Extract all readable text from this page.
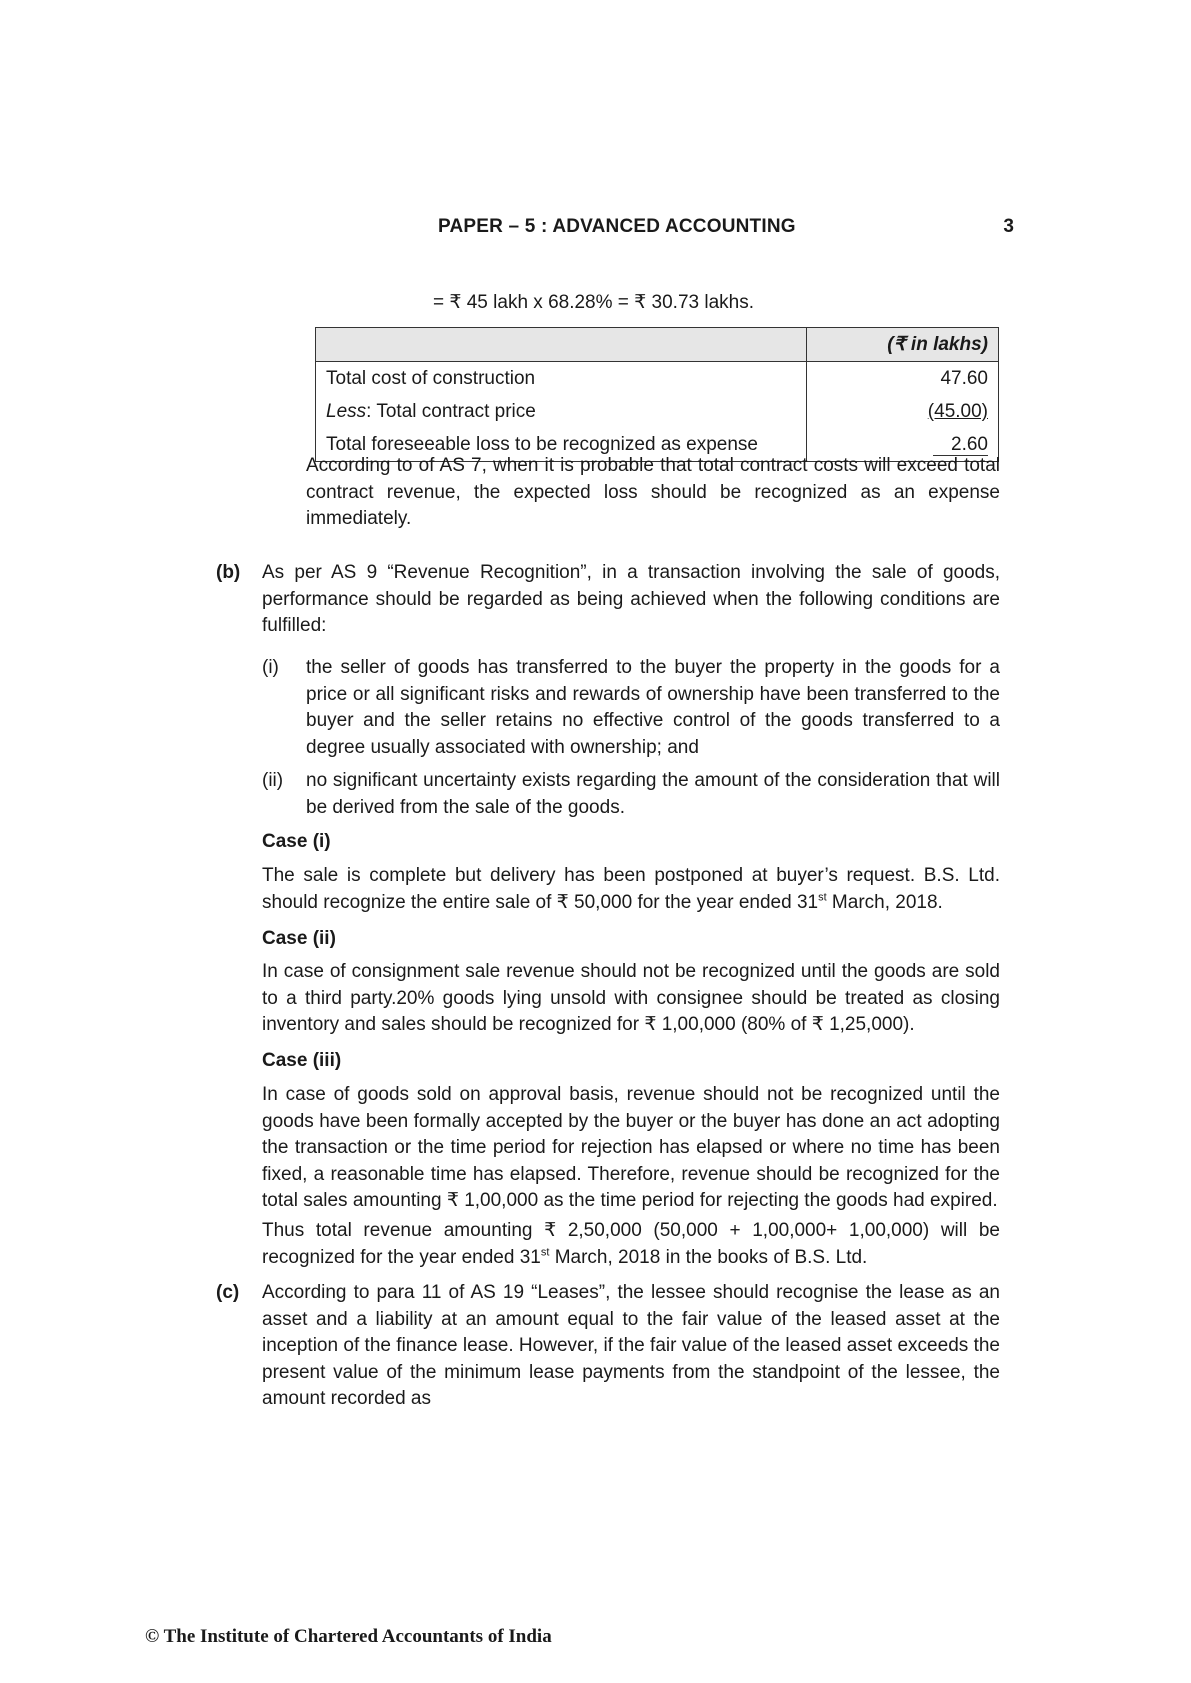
PAPER – 5 : ADVANCED ACCOUNTING	3
= ₹ 45 lakh x 68.28% = ₹ 30.73 lakhs.
	(₹ in lakhs)
Total cost of construction	47.60
Less: Total contract price	(45.00)
Total foreseeable loss to be recognized as expense	2.60
According to of AS 7, when it is probable that total contract costs will exceed total contract revenue, the expected loss should be recognized as an expense immediately.
(b) As per AS 9 “Revenue Recognition”, in a transaction involving the sale of goods, performance should be regarded as being achieved when the following conditions are fulfilled:
(i) the seller of goods has transferred to the buyer the property in the goods for a price or all significant risks and rewards of ownership have been transferred to the buyer and the seller retains no effective control of the goods transferred to a degree usually associated with ownership; and
(ii) no significant uncertainty exists regarding the amount of the consideration that will be derived from the sale of the goods.
Case (i)
The sale is complete but delivery has been postponed at buyer’s request. B.S. Ltd. should recognize the entire sale of ₹ 50,000 for the year ended 31st March, 2018.
Case (ii)
In case of consignment sale revenue should not be recognized until the goods are sold to a third party.20% goods lying unsold with consignee should be treated as closing inventory and sales should be recognized for ₹ 1,00,000 (80% of ₹ 1,25,000).
Case (iii)
In case of goods sold on approval basis, revenue should not be recognized until the goods have been formally accepted by the buyer or the buyer has done an act adopting the transaction or the time period for rejection has elapsed or where no time has been fixed, a reasonable time has elapsed. Therefore, revenue should be recognized for the total sales amounting ₹ 1,00,000 as the time period for rejecting the goods had expired.
Thus total revenue amounting ₹ 2,50,000 (50,000 + 1,00,000+ 1,00,000) will be recognized for the year ended 31st March, 2018 in the books of B.S. Ltd.
(c) According to para 11 of AS 19 “Leases”, the lessee should recognise the lease as an asset and a liability at an amount equal to the fair value of the leased asset at the inception of the finance lease. However, if the fair value of the leased asset exceeds the present value of the minimum lease payments from the standpoint of the lessee, the amount recorded as
© The Institute of Chartered Accountants of India
